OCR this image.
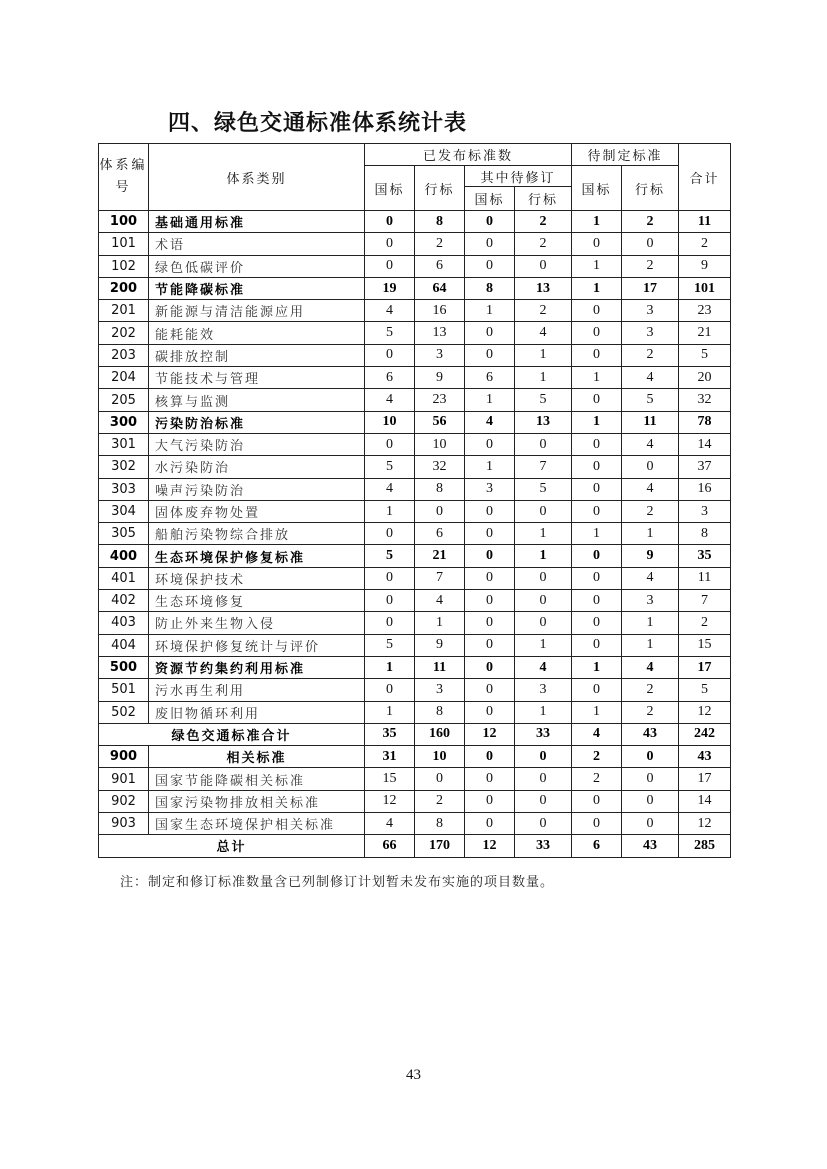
四、绿色交通标准体系统计表
体系编号	体系类别	已发布标准数				待制定标准		合计
		国标	行标	其中待修订		国标	行标	
				国标	行标			
100	基础通用标准	0	8	0	2	1	2	11
101	术语	0	2	0	2	0	0	2
102	绿色低碳评价	0	6	0	0	1	2	9
200	节能降碳标准	19	64	8	13	1	17	101
201	新能源与清洁能源应用	4	16	1	2	0	3	23
202	能耗能效	5	13	0	4	0	3	21
203	碳排放控制	0	3	0	1	0	2	5
204	节能技术与管理	6	9	6	1	1	4	20
205	核算与监测	4	23	1	5	0	5	32
300	污染防治标准	10	56	4	13	1	11	78
301	大气污染防治	0	10	0	0	0	4	14
302	水污染防治	5	32	1	7	0	0	37
303	噪声污染防治	4	8	3	5	0	4	16
304	固体废弃物处置	1	0	0	0	0	2	3
305	船舶污染物综合排放	0	6	0	1	1	1	8
400	生态环境保护修复标准	5	21	0	1	0	9	35
401	环境保护技术	0	7	0	0	0	4	11
402	生态环境修复	0	4	0	0	0	3	7
403	防止外来生物入侵	0	1	0	0	0	1	2
404	环境保护修复统计与评价	5	9	0	1	0	1	15
500	资源节约集约利用标准	1	11	0	4	1	4	17
501	污水再生利用	0	3	0	3	0	2	5
502	废旧物循环利用	1	8	0	1	1	2	12
绿色交通标准合计		35	160	12	33	4	43	242
900	相关标准	31	10	0	0	2	0	43
901	国家节能降碳相关标准	15	0	0	0	2	0	17
902	国家污染物排放相关标准	12	2	0	0	0	0	14
903	国家生态环境保护相关标准	4	8	0	0	0	0	12
总计		66	170	12	33	6	43	285

注：制定和修订标准数量含已列制修订计划暂未发布实施的项目数量。

43
